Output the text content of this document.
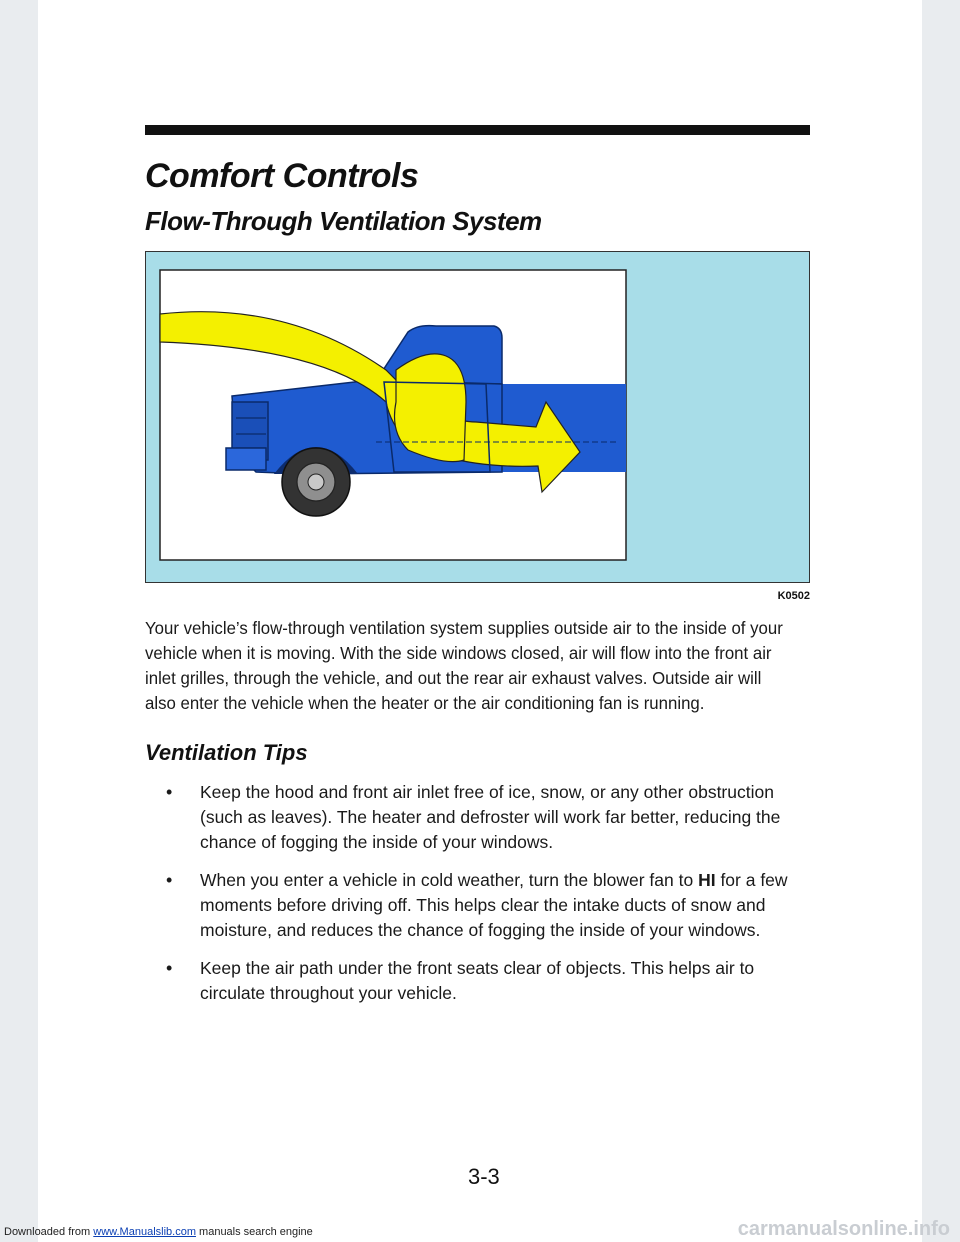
Comfort Controls
Flow-Through Ventilation System
K0502

Your vehicle’s flow-through ventilation system supplies outside air to the inside of your vehicle when it is moving. With the side windows closed, air will flow into the front air inlet grilles, through the vehicle, and out the rear air exhaust valves. Outside air will also enter the vehicle when the heater or the air conditioning fan is running.

Ventilation Tips
• Keep the hood and front air inlet free of ice, snow, or any other obstruction (such as leaves). The heater and defroster will work far better, reducing the chance of fogging the inside of your windows.
• When you enter a vehicle in cold weather, turn the blower fan to HI for a few moments before driving off. This helps clear the intake ducts of snow and moisture, and reduces the chance of fogging the inside of your windows.
• Keep the air path under the front seats clear of objects. This helps air to circulate throughout your vehicle.
3-3
Downloaded from www.Manualslib.com manuals search engine	carmanualsonline.info
